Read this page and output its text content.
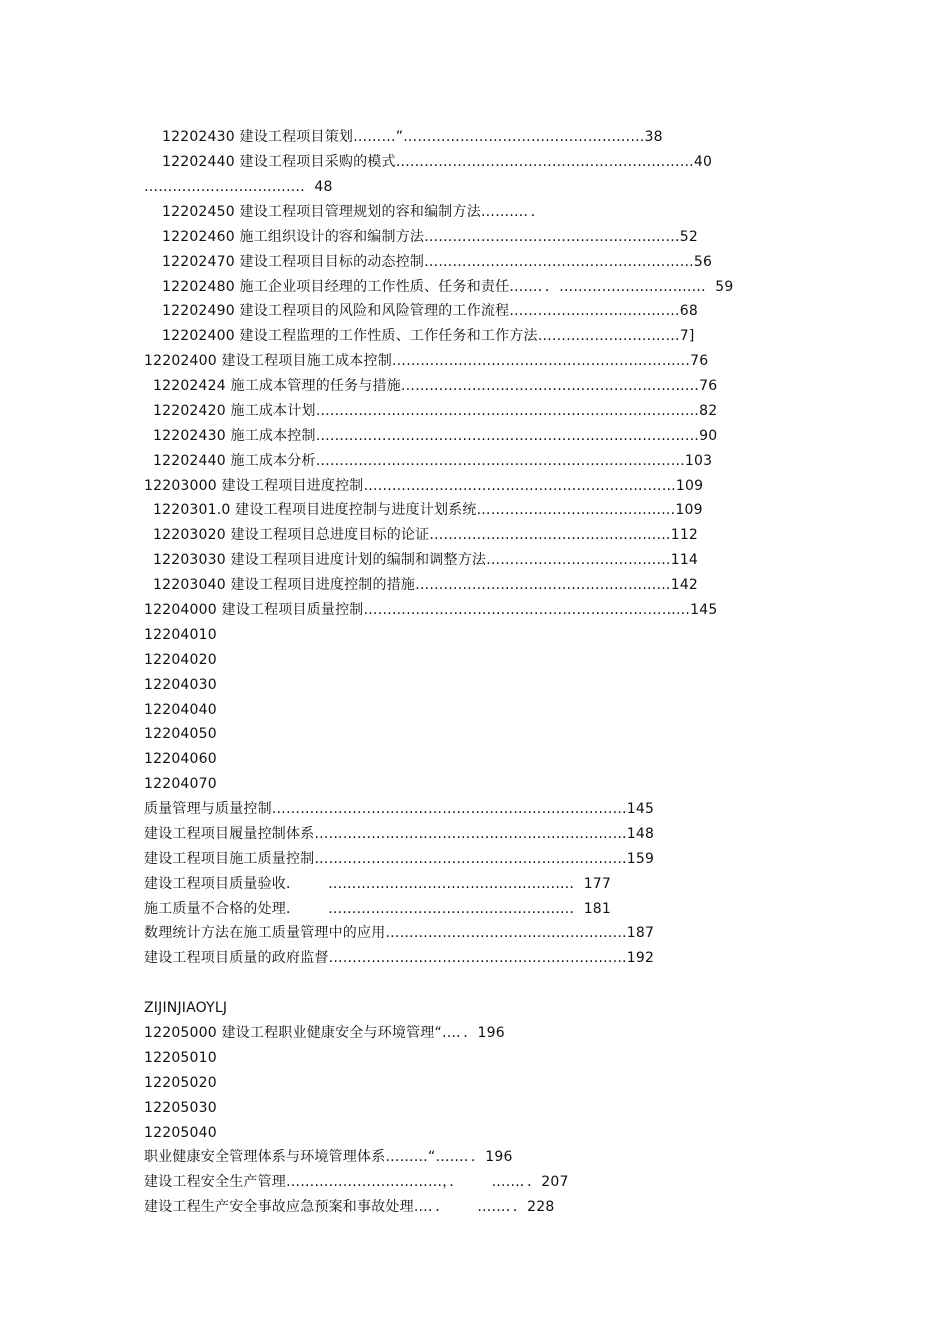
12202430 建设工程项目策划………”……………………………………………38
12202440 建设工程项目采购的模式………………………………………………………40
……………………………．48
12202450 建设工程项目管理规划的容和编制方法………．．
12202460 施工组织设计的容和编制方法………………………………………………52
12202470 建设工程项目目标的动态控制…………………………………………………56
12202480 施工企业项目经理的工作性质、任务和责任……．．…………………………．59
12202490 建设工程项目的风险和风险管理的工作流程………………………………68
12202400 建设工程监理的工作性质、工作任务和工作方法…………………………7]
12202400 建设工程项目施工成本控制………………………………………………………76
12202424 施工成本管理的任务与措施………………………………………………………76
12202420 施工成本计划………………………………………………………………………82
12202430 施工成本控制………………………………………………………………………90
12202440 施工成本分析……………………………………………………………………103
12203000 建设工程项目进度控制…………………………………………………………109
1220301.0 建设工程项目进度控制与进度计划系统……………………………………109
12203020 建设工程项目总进度目标的论证……………………………………………112
12203030 建设工程项目进度计划的编制和调整方法…………………………………114
12203040 建设工程项目进度控制的措施………………………………………………142
12204000 建设工程项目质量控制……………………………………………………………145
12204010
12204020
12204030
12204040
12204050
12204060
12204070
质量管理与质量控制…………………………………………………………………145
建设工程项目履量控制体系…………………………………………………………148
建设工程项目施工质量控制…………………………………………………………159
建设工程项目质量验收．      ……………………………………………．177
施工质量不合格的处理．      ……………………………………………．181
数理统计方法在施工质量管理中的应用……………………………………………187
建设工程项目质量的政府监督………………………………………………………192
ZIJINJIAOYLJ
12205000 建设工程职业健康安全与环境管理“…．．196
12205010
12205020
12205030
12205040
职业健康安全管理体系与环境管理体系………“……．．196
建设工程安全生产管理……………………………，．      ……．．207
建设工程生产安全事故应急预案和事故处理…．．      ……．．228
